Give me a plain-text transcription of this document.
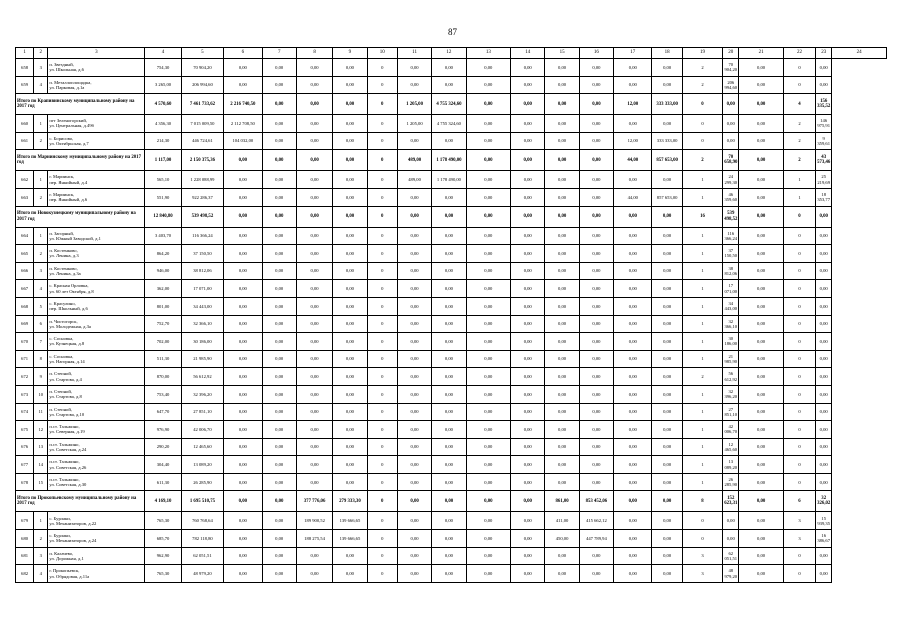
87
1	2	3	4	5	6	7	8	9	10	11	12	13	14	15	16	17	18	19	20	21	22	23	24
658	3	п. Звездный,
ул. Школьная, д.6	754,30	70 904,20	0,00	0,00	0,00	0,00	0	0,00	0,00	0,00	0,00	0,00	0,00	0,00	0,00	2	70 904,20	0,00	0	0,00	
659	4	п. Металлоплощадка,
ул. Парковая, д.1а	3 265,00	206 994,60	0,00	0,00	0,00	0,00	0	0,00	0,00	0,00	0,00	0,00	0,00	0,00	0,00	2	206 994,60	0,00	0	0,00	
Итого по Крапивинскому муниципальному району на 2017 год			4 570,60	7 461 733,62	2 216 740,50	0,00	0,00	0,00	0	1 205,00	4 755 324,60	0,00	0,00	0,00	0,00	12,00	333 333,00	0	0,00	0,00	4	156 335,52	
660	1	пгт Зеленогорский,
ул. Центральная, д.49б	4 356,30	7 015 009,50	2 112 708,50	0,00	0,00	0,00	0	1 205,00	4 755 324,60	0,00	0,00	0,00	0,00	0,00	0,00	0	0,00	0,00	2	146 975,91	
661	2	с. Борисово,
ул. Октябрьская, д.7	214,30	446 724,61	104 032,00	0,00	0,00	0,00	0	0,00	0,00	0,00	0,00	0,00	0,00	12,00	333 333,00	0	0,00	0,00	2	9 359,61	
Итого по Мариинскому муниципальному району на 2017 год			1 117,00	2 150 375,36	0,00	0,00	0,00	0,00	0	489,00	1 178 490,00	0,00	0,00	0,00	0,00	44,00	857 653,00	2	70 658,90	0,00	2	43 573,46	
662	1	г. Мариинск,
пер. Янкийный, д.4	565,10	1 228 088,99	0,00	0,00	0,00	0,00	0	489,00	1 178 490,00	0,00	0,00	0,00	0,00	0,00	0,00	1	24 299,30	0,00	1	25 219,69	
663	2	г. Мариинск,
пер. Янкийный, д.6	551,90	922 286,37	0,00	0,00	0,00	0,00	0	0,00	0,00	0,00	0,00	0,00	0,00	44,00	857 653,00	1	46 359,60	0,00	1	18 353,77	
Итого по Новокузнецкому муниципальному району на 2017 год			12 840,80	539 498,52	0,00	0,00	0,00	0,00	0	0,00	0,00	0,00	0,00	0,00	0,00	0,00	0,00	16	539 498,52	0,00	0	0,00	
664	1	п. Загорный,
ул. Южный Заводской, д.1	3 403,70	116 366,24	0,00	0,00	0,00	0,00	0	0,00	0,00	0,00	0,00	0,00	0,00	0,00	0,00	1	116 366,24	0,00	0	0,00	
665	2	п. Костенково,
ул. Ленина, д.3	864,20	37 150,50	0,00	0,00	0,00	0,00	0	0,00	0,00	0,00	0,00	0,00	0,00	0,00	0,00	1	37 150,50	0,00	0	0,00	
666	3	п. Костенково,
ул. Ленина, д.3а	946,00	38 812,06	0,00	0,00	0,00	0,00	0	0,00	0,00	0,00	0,00	0,00	0,00	0,00	0,00	1	38 812,06	0,00	0	0,00	
667	4	с. Красная Орловка,
ул. 60 лет Октября, д.8	362,00	17 071,00	0,00	0,00	0,00	0,00	0	0,00	0,00	0,00	0,00	0,00	0,00	0,00	0,00	1	17 071,00	0,00	0	0,00	
668	5	с. Красулино,
пер. Школьный, д.6	801,00	34 443,00	0,00	0,00	0,00	0,00	0	0,00	0,00	0,00	0,00	0,00	0,00	0,00	0,00	1	34 443,00	0,00	0	0,00	
669	6	п. Чистогорск,
ул. Молодежная, д.3а	752,70	32 366,10	0,00	0,00	0,00	0,00	0	0,00	0,00	0,00	0,00	0,00	0,00	0,00	0,00	1	32 366,10	0,00	0	0,00	
670	7	с. Сосновка,
ул. Кузнецкая, д.8	702,00	30 186,00	0,00	0,00	0,00	0,00	0	0,00	0,00	0,00	0,00	0,00	0,00	0,00	0,00	1	30 186,00	0,00	0	0,00	
671	8	с. Сосновка,
ул. Нагорная, д.14	511,30	21 985,90	0,00	0,00	0,00	0,00	0	0,00	0,00	0,00	0,00	0,00	0,00	0,00	0,00	1	21 985,90	0,00	0	0,00	
672	9	п. Степной,
ул. Стартова, д.4	870,00	56 612,92	0,00	0,00	0,00	0,00	0	0,00	0,00	0,00	0,00	0,00	0,00	0,00	0,00	2	56 612,92	0,00	0	0,00	
673	10	п. Степной,
ул. Стартова, д.8	753,40	32 396,20	0,00	0,00	0,00	0,00	0	0,00	0,00	0,00	0,00	0,00	0,00	0,00	0,00	1	32 396,20	0,00	0	0,00	
674	11	п. Степной,
ул. Стартова, д.10	647,70	27 851,10	0,00	0,00	0,00	0,00	0	0,00	0,00	0,00	0,00	0,00	0,00	0,00	0,00	1	27 851,10	0,00	0	0,00	
675	12	п.ст. Тальжино,
ул. Северная, д.19	976,90	42 006,70	0,00	0,00	0,00	0,00	0	0,00	0,00	0,00	0,00	0,00	0,00	0,00	0,00	1	42 006,70	0,00	0	0,00	
676	13	п.ст. Тальжино,
ул. Советская, д.24	290,20	12 465,60	0,00	0,00	0,00	0,00	0	0,00	0,00	0,00	0,00	0,00	0,00	0,00	0,00	1	12 465,60	0,00	0	0,00	
677	14	п.ст. Тальжино,
ул. Советская, д.26	304,40	13 089,20	0,00	0,00	0,00	0,00	0	0,00	0,00	0,00	0,00	0,00	0,00	0,00	0,00	1	13 089,20	0,00	0	0,00	
678	15	п.ст. Тальжино,
ул. Советская, д.30	611,30	26 285,90	0,00	0,00	0,00	0,00	0	0,00	0,00	0,00	0,00	0,00	0,00	0,00	0,00	1	26 285,90	0,00	0	0,00	
Итого по Прокопьевскому муниципальному району на 2017 год			4 169,10	1 695 510,75	0,00	0,00	377 776,06	279 333,30	0	0,00	0,00	0,00	0,00	861,00	853 452,06	0,00	0,00	8	152 623,31	0,00	6	32 326,02	
679	1	с. Бурлаки,
ул. Механизаторов, д.22	765,30	760 768,64	0,00	0,00	189 900,52	139 666,65	0	0,00	0,00	0,00	0,00	411,00	415 662,12	0,00	0,00	0	0,00	0,00	3	15 939,35	
680	2	с. Бурлаки,
ул. Механизаторов, д.24	685,70	782 118,80	0,00	0,00	188 275,54	139 666,65	0	0,00	0,00	0,00	0,00	450,00	447 789,94	0,00	0,00	0	0,00	0,00	3	16 386,67	
681	3	п. Калачево,
ул. Дорожная, д.1	962,90	62 051,51	0,00	0,00	0,00	0,00	0	0,00	0,00	0,00	0,00	0,00	0,00	0,00	0,00	3	62 051,51	0,00	0	0,00	
682	4	г. Прокопьевск,
ул. Обрядовая, д.11а	765,30	48 979,20	0,00	0,00	0,00	0,00	0	0,00	0,00	0,00	0,00	0,00	0,00	0,00	0,00	3	48 979,20	0,00	0	0,00	
